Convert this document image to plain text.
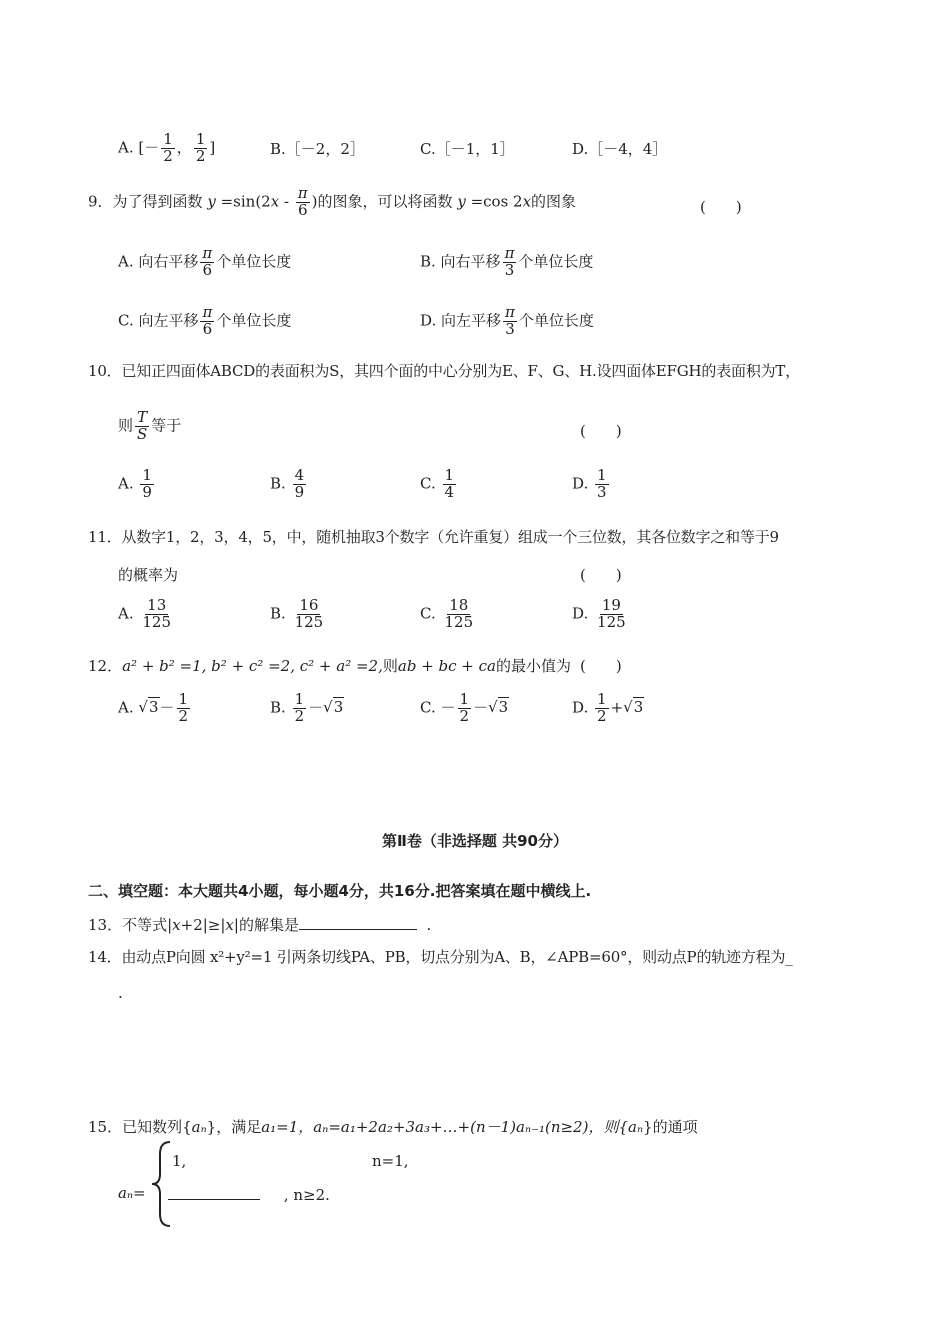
A. [－ $\frac{1}{2}$ ， $\frac{1}{2}$ ]	B.［－2，2］	C.［－1，1］	D.［－4，4］
9．为了得到函数 $y =\sin(2x - \frac{\pi}{6}$ )的图象，可以将函数 y =cos 2x的图象	(　　)
A. 向右平移 $\frac{\pi}{6}$ 个单位长度	B. 向右平移 $\frac{\pi}{3}$ 个单位长度
C. 向左平移 $\frac{\pi}{6}$ 个单位长度	D. 向左平移 $\frac{\pi}{3}$ 个单位长度
10．已知正四面体ABCD的表面积为S，其四个面的中心分别为E、F、G、H.设四面体EFGH的表面积为T，
则 $\frac{T}{S}$ 等于	(　　)
A. $\frac{1}{9}$	B. $\frac{4}{9}$	C. $\frac{1}{4}$	D. $\frac{1}{3}$
11．从数字1，2，3，4，5，中，随机抽取3个数字（允许重复）组成一个三位数，其各位数字之和等于9
的概率为	(　　)
A. $\frac{13}{125}$	B. $\frac{16}{125}$	C. $\frac{18}{125}$	D. $\frac{19}{125}$
12．a² + b² =1, b² + c² =2, c² + a² =2,则ab + bc + ca的最小值为 (　　)
A. $√3- \frac{1}{2}$	B. $\frac{1}{2} -√3$	C. － $\frac{1}{2} -√3$	D. $\frac{1}{2} +√3$
第Ⅱ卷（非选择题 共90分）
二、填空题：本大题共4小题，每小题4分，共16分.把答案填在题中横线上.
13．不等式|x+2|≥|x|的解集是	.
14．由动点P向圆 x²+y²=1 引两条切线PA、PB，切点分别为A、B，∠APB=60°，则动点P的轨迹方程为_
.
15．已知数列{aₙ}，满足a₁=1，aₙ=a₁+2a₂+3a₃+…+(n－1)aₙ₋₁(n≥2)，则{aₙ}的通项
aₙ=
1,	n=1,
, n≥2.
